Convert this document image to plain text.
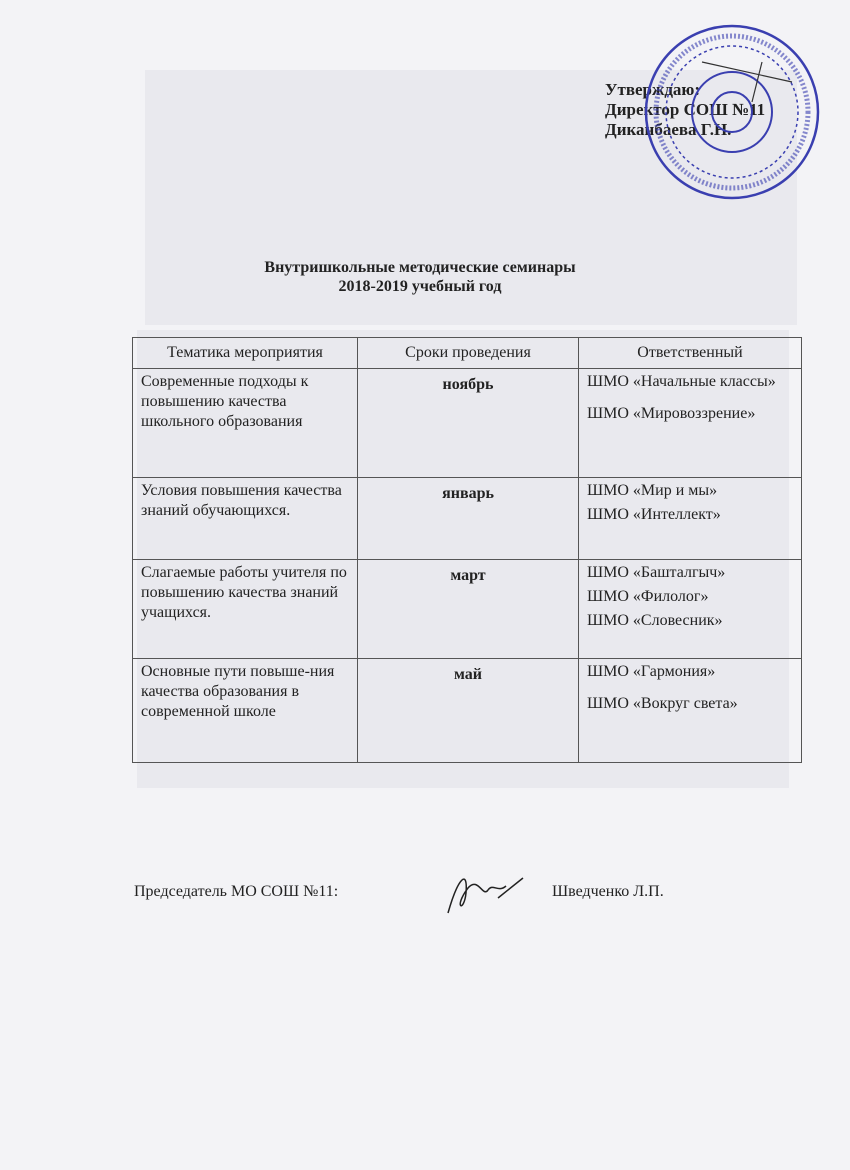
Утверждаю:
Директор СОШ №11
Диканбаева Г.Н.
Внутришкольные методические семинары
2018-2019 учебный год
Тематика мероприятия	Сроки проведения	Ответственный
Современные подходы к повышению качества школьного образования	ноябрь	ШМО «Начальные классы»
ШМО «Мировоззрение»

Условия повышения качества знаний обучающихся.	январь	ШМО «Мир и мы»
ШМО «Интеллект»

Слагаемые работы учителя по повышению качества знаний учащихся.	март	ШМО «Башталгыч»
ШМО «Филолог»
ШМО «Словесник»

Основные пути повыше-ния качества образования в современной школе	май	ШМО «Гармония»
ШМО «Вокруг света»
Председатель МО СОШ №11:	Шведченко Л.П.
